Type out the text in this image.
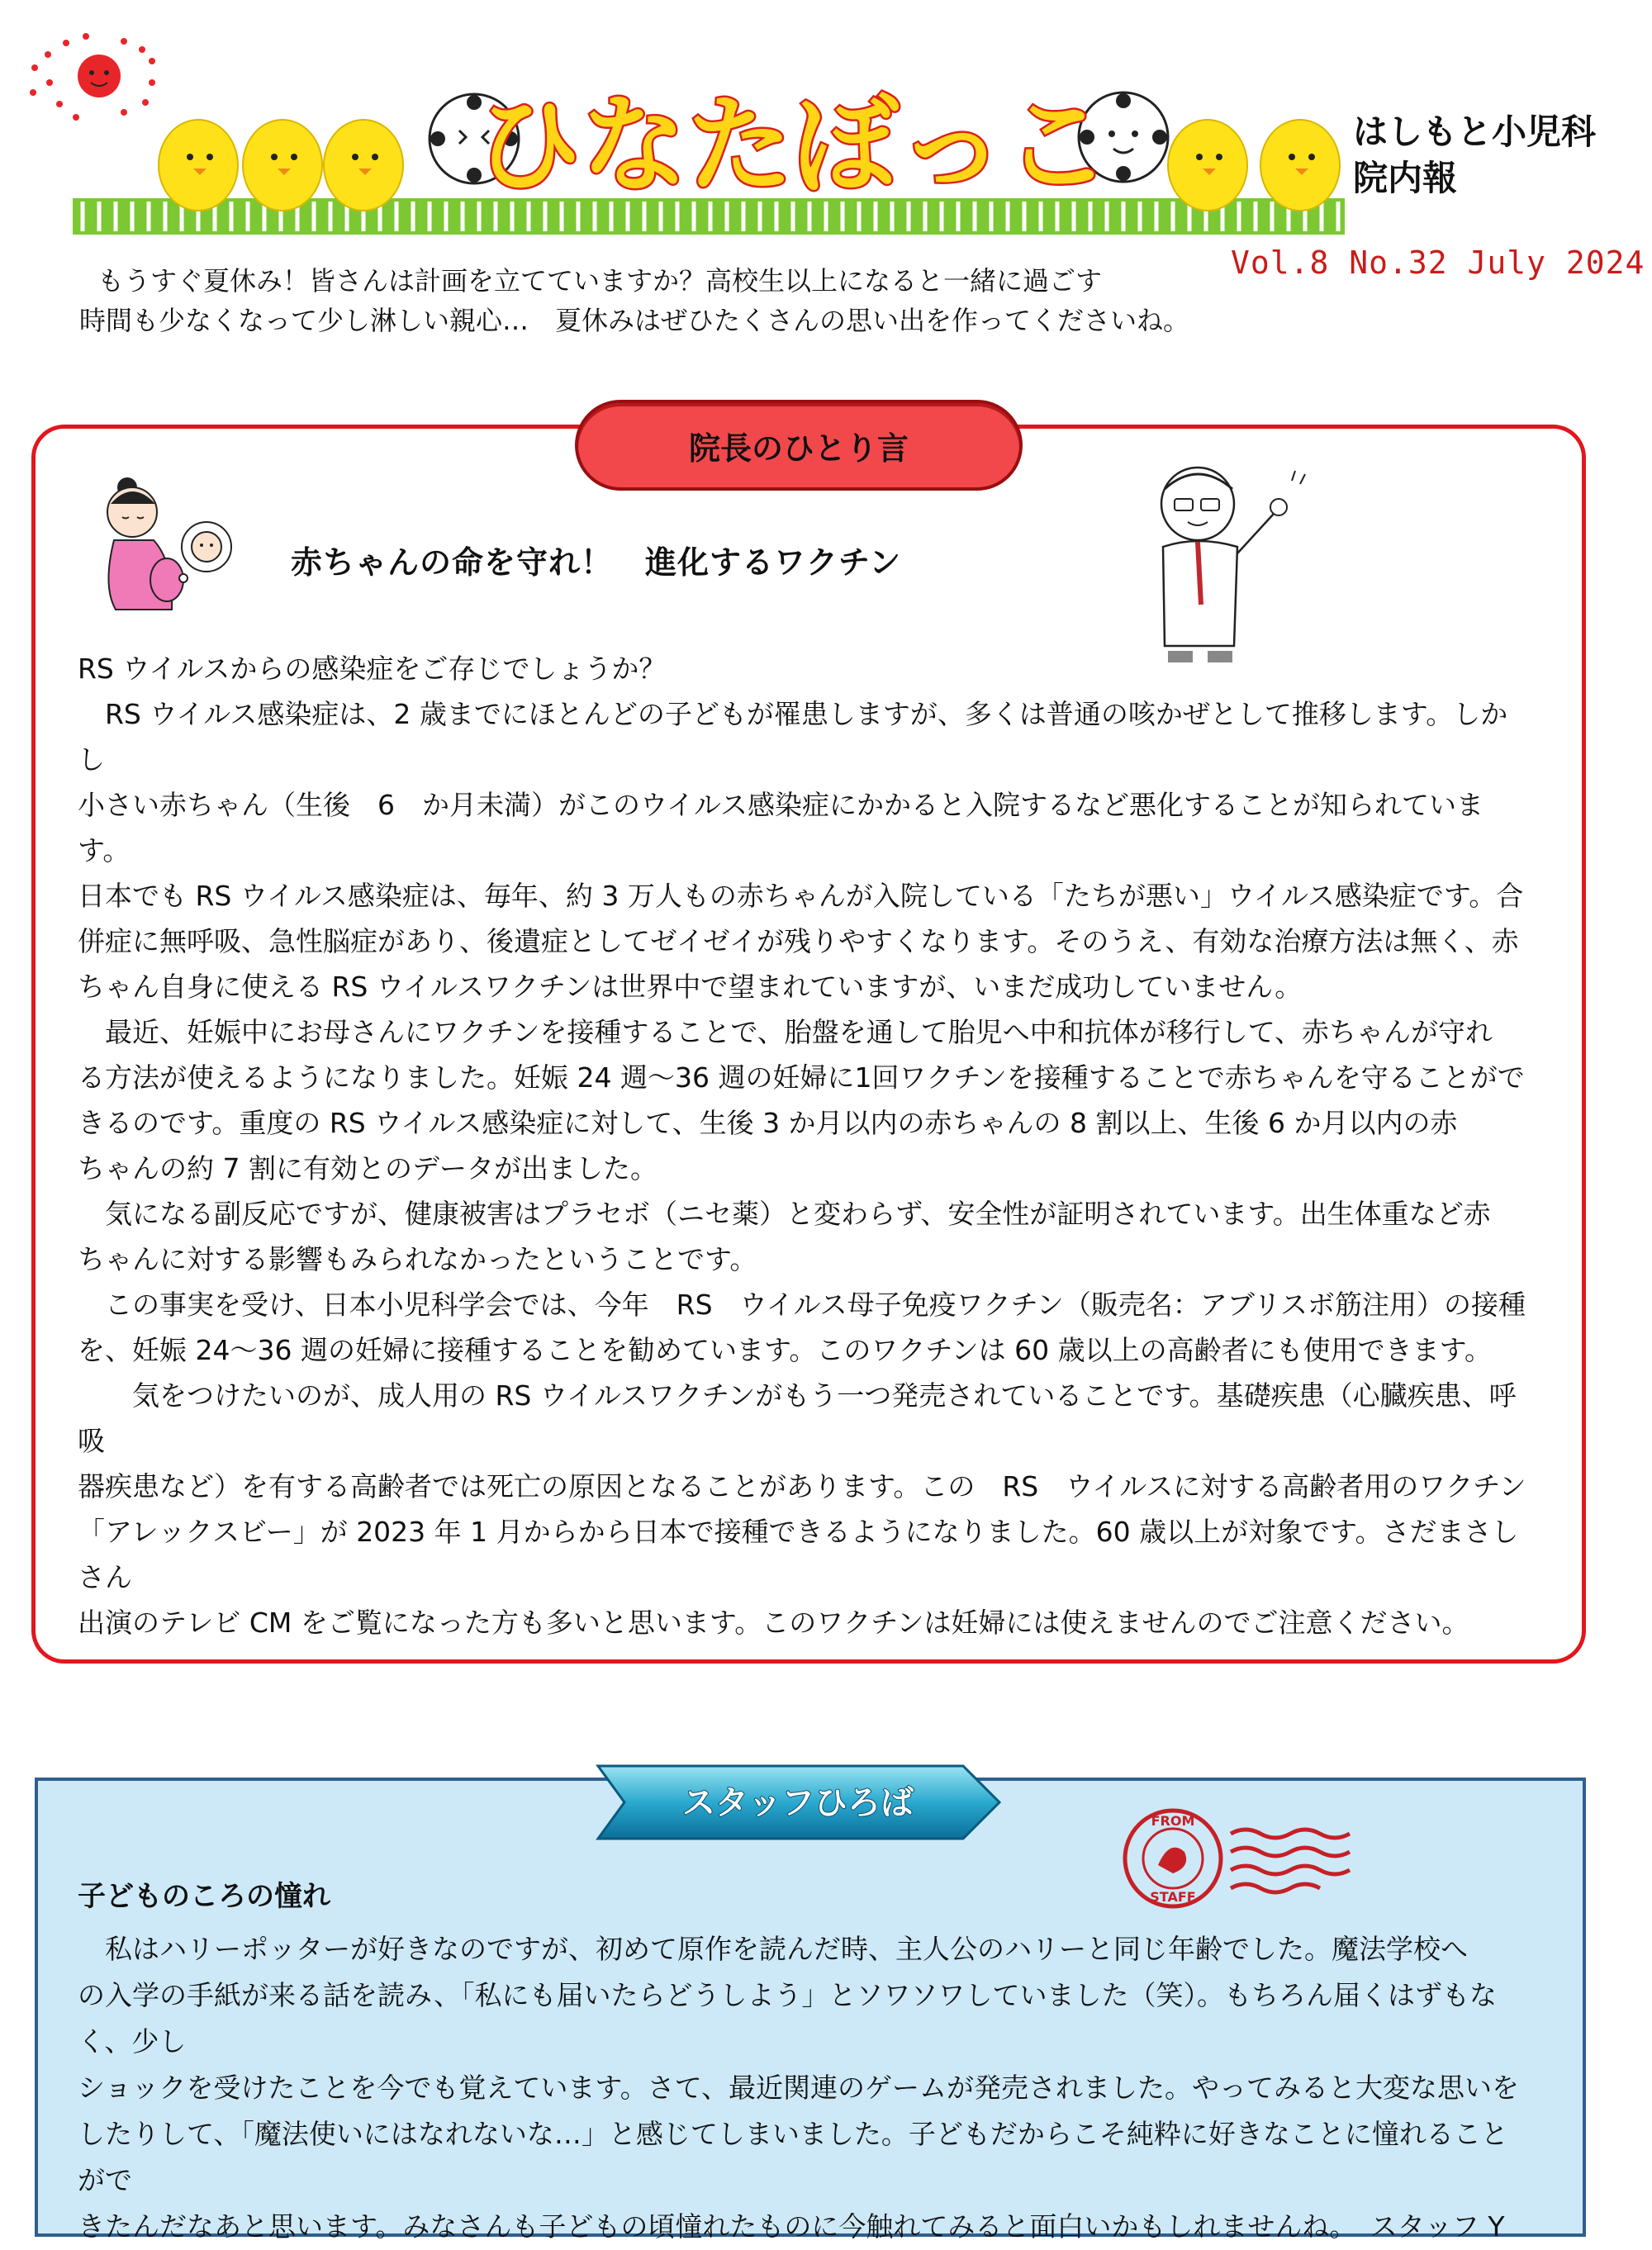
ひなたぼっこ	はしもと小児科
院内報
Vol.8 No.32 July 2024

もうすぐ夏休み！皆さんは計画を立てていますか？高校生以上になると一緒に過ごす

時間も少なくなって少し淋しい親心…　夏休みはぜひたくさんの思い出を作ってくださいね。

院長のひとり言
赤ちゃんの命を守れ！　進化するワクチン

RS ウイルスからの感染症をご存じでしょうか？

　RS ウイルス感染症は、2 歳までにほとんどの子どもが罹患しますが、多くは普通の咳かぜとして推移します。しかし

小さい赤ちゃん（生後　6　か月未満）がこのウイルス感染症にかかると入院するなど悪化することが知られています。

日本でも RS ウイルス感染症は、毎年、約 3 万人もの赤ちゃんが入院している「たちが悪い」ウイルス感染症です。合

併症に無呼吸、急性脳症があり、後遺症としてゼイゼイが残りやすくなります。そのうえ、有効な治療方法は無く、赤

ちゃん自身に使える RS ウイルスワクチンは世界中で望まれていますが、いまだ成功していません。

　最近、妊娠中にお母さんにワクチンを接種することで、胎盤を通して胎児へ中和抗体が移行して、赤ちゃんが守れ

る方法が使えるようになりました。妊娠 24 週～36 週の妊婦に1回ワクチンを接種することで赤ちゃんを守ることがで

きるのです。重度の RS ウイルス感染症に対して、生後 3 か月以内の赤ちゃんの 8 割以上、生後 6 か月以内の赤

ちゃんの約 7 割に有効とのデータが出ました。

　気になる副反応ですが、健康被害はプラセボ（ニセ薬）と変わらず、安全性が証明されています。出生体重など赤

ちゃんに対する影響もみられなかったということです。

　この事実を受け、日本小児科学会では、今年　RS　ウイルス母子免疫ワクチン（販売名：アブリスボ筋注用）の接種

を、妊娠 24～36 週の妊婦に接種することを勧めています。このワクチンは 60 歳以上の高齢者にも使用できます。

　　気をつけたいのが、成人用の RS ウイルスワクチンがもう一つ発売されていることです。基礎疾患（心臓疾患、呼吸

器疾患など）を有する高齢者では死亡の原因となることがあります。この　RS　ウイルスに対する高齢者用のワクチン

「アレックスビー」が 2023 年 1 月からから日本で接種できるようになりました。60 歳以上が対象です。さだまさしさん

出演のテレビ CM をご覧になった方も多いと思います。このワクチンは妊婦には使えませんのでご注意ください。

スタッフひろば	FROM
STAFF
子どものころの憧れ

　私はハリーポッターが好きなのですが、初めて原作を読んだ時、主人公のハリーと同じ年齢でした。魔法学校へ

の入学の手紙が来る話を読み、「私にも届いたらどうしよう」とソワソワしていました（笑）。もちろん届くはずもなく、少し

ショックを受けたことを今でも覚えています。さて、最近関連のゲームが発売されました。やってみると大変な思いを

したりして、「魔法使いにはなれないな…」と感じてしまいました。子どもだからこそ純粋に好きなことに憧れることがで

きたんだなあと思います。みなさんも子どもの頃憧れたものに今触れてみると面白いかもしれませんね。　スタッフ Y
